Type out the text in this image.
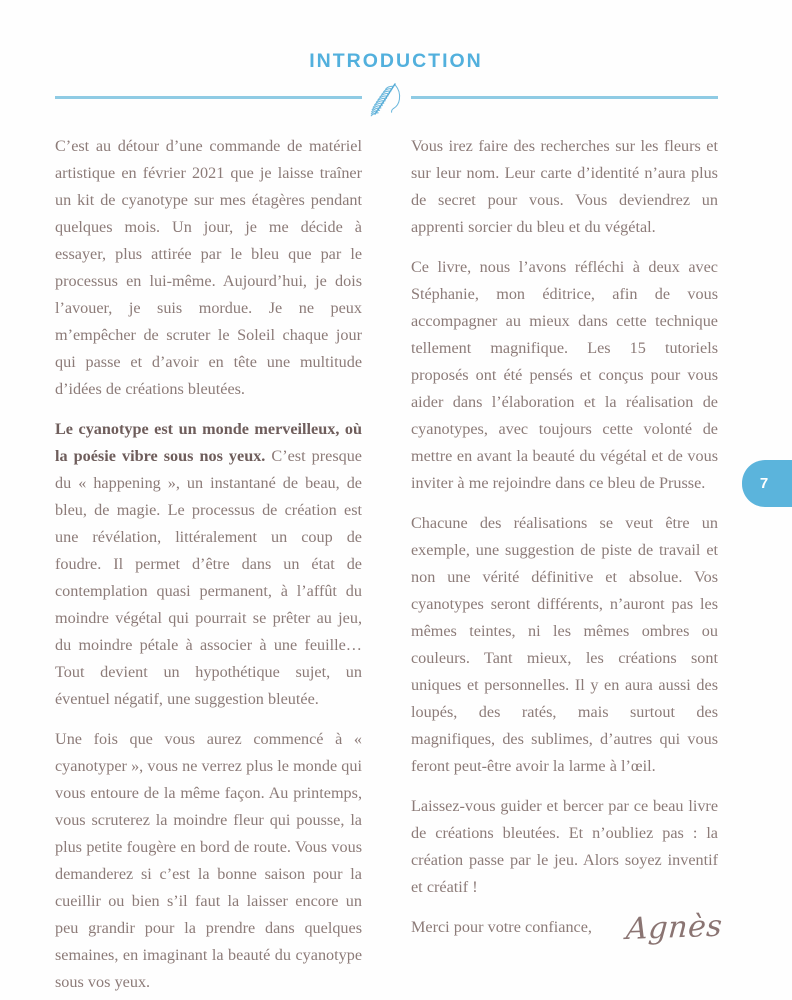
INTRODUCTION

C’est au détour d’une commande de matériel artistique en février 2021 que je laisse traîner un kit de cyanotype sur mes étagères pendant quelques mois. Un jour, je me décide à essayer, plus attirée par le bleu que par le processus en lui-même. Aujourd’hui, je dois l’avouer, je suis mordue. Je ne peux m’empêcher de scruter le Soleil chaque jour qui passe et d’avoir en tête une multitude d’idées de créations bleutées.

Le cyanotype est un monde merveilleux, où la poésie vibre sous nos yeux. C’est presque du « happening », un instantané de beau, de bleu, de magie. Le processus de création est une révélation, littéralement un coup de foudre. Il permet d’être dans un état de contemplation quasi permanent, à l’affût du moindre végétal qui pourrait se prêter au jeu, du moindre pétale à associer à une feuille… Tout devient un hypothétique sujet, un éventuel négatif, une suggestion bleutée.

Une fois que vous aurez commencé à « cyanotyper », vous ne verrez plus le monde qui vous entoure de la même façon. Au printemps, vous scruterez la moindre fleur qui pousse, la plus petite fougère en bord de route. Vous vous demanderez si c’est la bonne saison pour la cueillir ou bien s’il faut la laisser encore un peu grandir pour la prendre dans quelques semaines, en imaginant la beauté du cyanotype sous vos yeux.

Vous irez faire des recherches sur les fleurs et sur leur nom. Leur carte d’identité n’aura plus de secret pour vous. Vous deviendrez un apprenti sorcier du bleu et du végétal.

Ce livre, nous l’avons réfléchi à deux avec Stéphanie, mon éditrice, afin de vous accompagner au mieux dans cette technique tellement magnifique. Les 15 tutoriels proposés ont été pensés et conçus pour vous aider dans l’élaboration et la réalisation de cyanotypes, avec toujours cette volonté de mettre en avant la beauté du végétal et de vous inviter à me rejoindre dans ce bleu de Prusse.

Chacune des réalisations se veut être un exemple, une suggestion de piste de travail et non une vérité définitive et absolue. Vos cyanotypes seront différents, n’auront pas les mêmes teintes, ni les mêmes ombres ou couleurs. Tant mieux, les créations sont uniques et personnelles. Il y en aura aussi des loupés, des ratés, mais surtout des magnifiques, des sublimes, d’autres qui vous feront peut-être avoir la larme à l’œil.

Laissez-vous guider et bercer par ce beau livre de créations bleutées. Et n’oubliez pas : la création passe par le jeu. Alors soyez inventif et créatif !

Merci pour votre confiance,

7
Agnès
